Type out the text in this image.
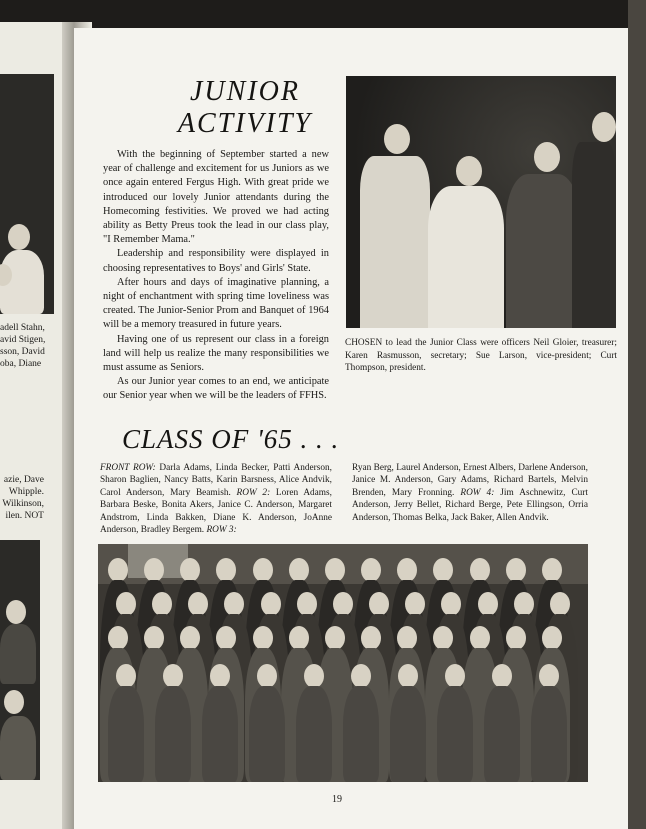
adell Stahn,
avid Stigen,
sson, David
oba, Diane
azie, Dave
Whipple.
Wilkinson,
ilen. NOT
JUNIOR
ACTIVITY

With the beginning of September started a new year of challenge and excitement for us Juniors as we once again entered Fergus High. With great pride we introduced our lovely Junior attendants during the Homecoming festivities. We proved we had acting ability as Betty Preus took the lead in our class play, "I Remember Mama."

Leadership and responsibility were displayed in choosing representatives to Boys' and Girls' State.

After hours and days of imaginative planning, a night of enchantment with spring time loveliness was created. The Junior-Senior Prom and Banquet of 1964 will be a memory treasured in future years.

Having one of us represent our class in a foreign land will help us realize the many responsibilities we must assume as Seniors.

As our Junior year comes to an end, we anticipate our Senior year when we will be the leaders of FFHS.

CHOSEN to lead the Junior Class were officers Neil Gloier, treasurer; Karen Rasmusson, secretary; Sue Larson, vice-president; Curt Thompson, president.
CLASS OF '65 . . .
FRONT ROW: Darla Adams, Linda Becker, Patti Anderson, Sharon Baglien, Nancy Batts, Karin Barsness, Alice Andvik, Carol Anderson, Mary Beamish. ROW 2: Loren Adams, Barbara Beske, Bonita Akers, Janice C. Anderson, Margaret Andstrom, Linda Bakken, Diane K. Anderson, JoAnne Anderson, Bradley Bergem. ROW 3:
Ryan Berg, Laurel Anderson, Ernest Albers, Darlene Anderson, Janice M. Anderson, Gary Adams, Richard Bartels, Melvin Brenden, Mary Fronning. ROW 4: Jim Aschnewitz, Curt Anderson, Jerry Bellet, Richard Berge, Pete Ellingson, Orria Anderson, Thomas Belka, Jack Baker, Allen Andvik.
19
